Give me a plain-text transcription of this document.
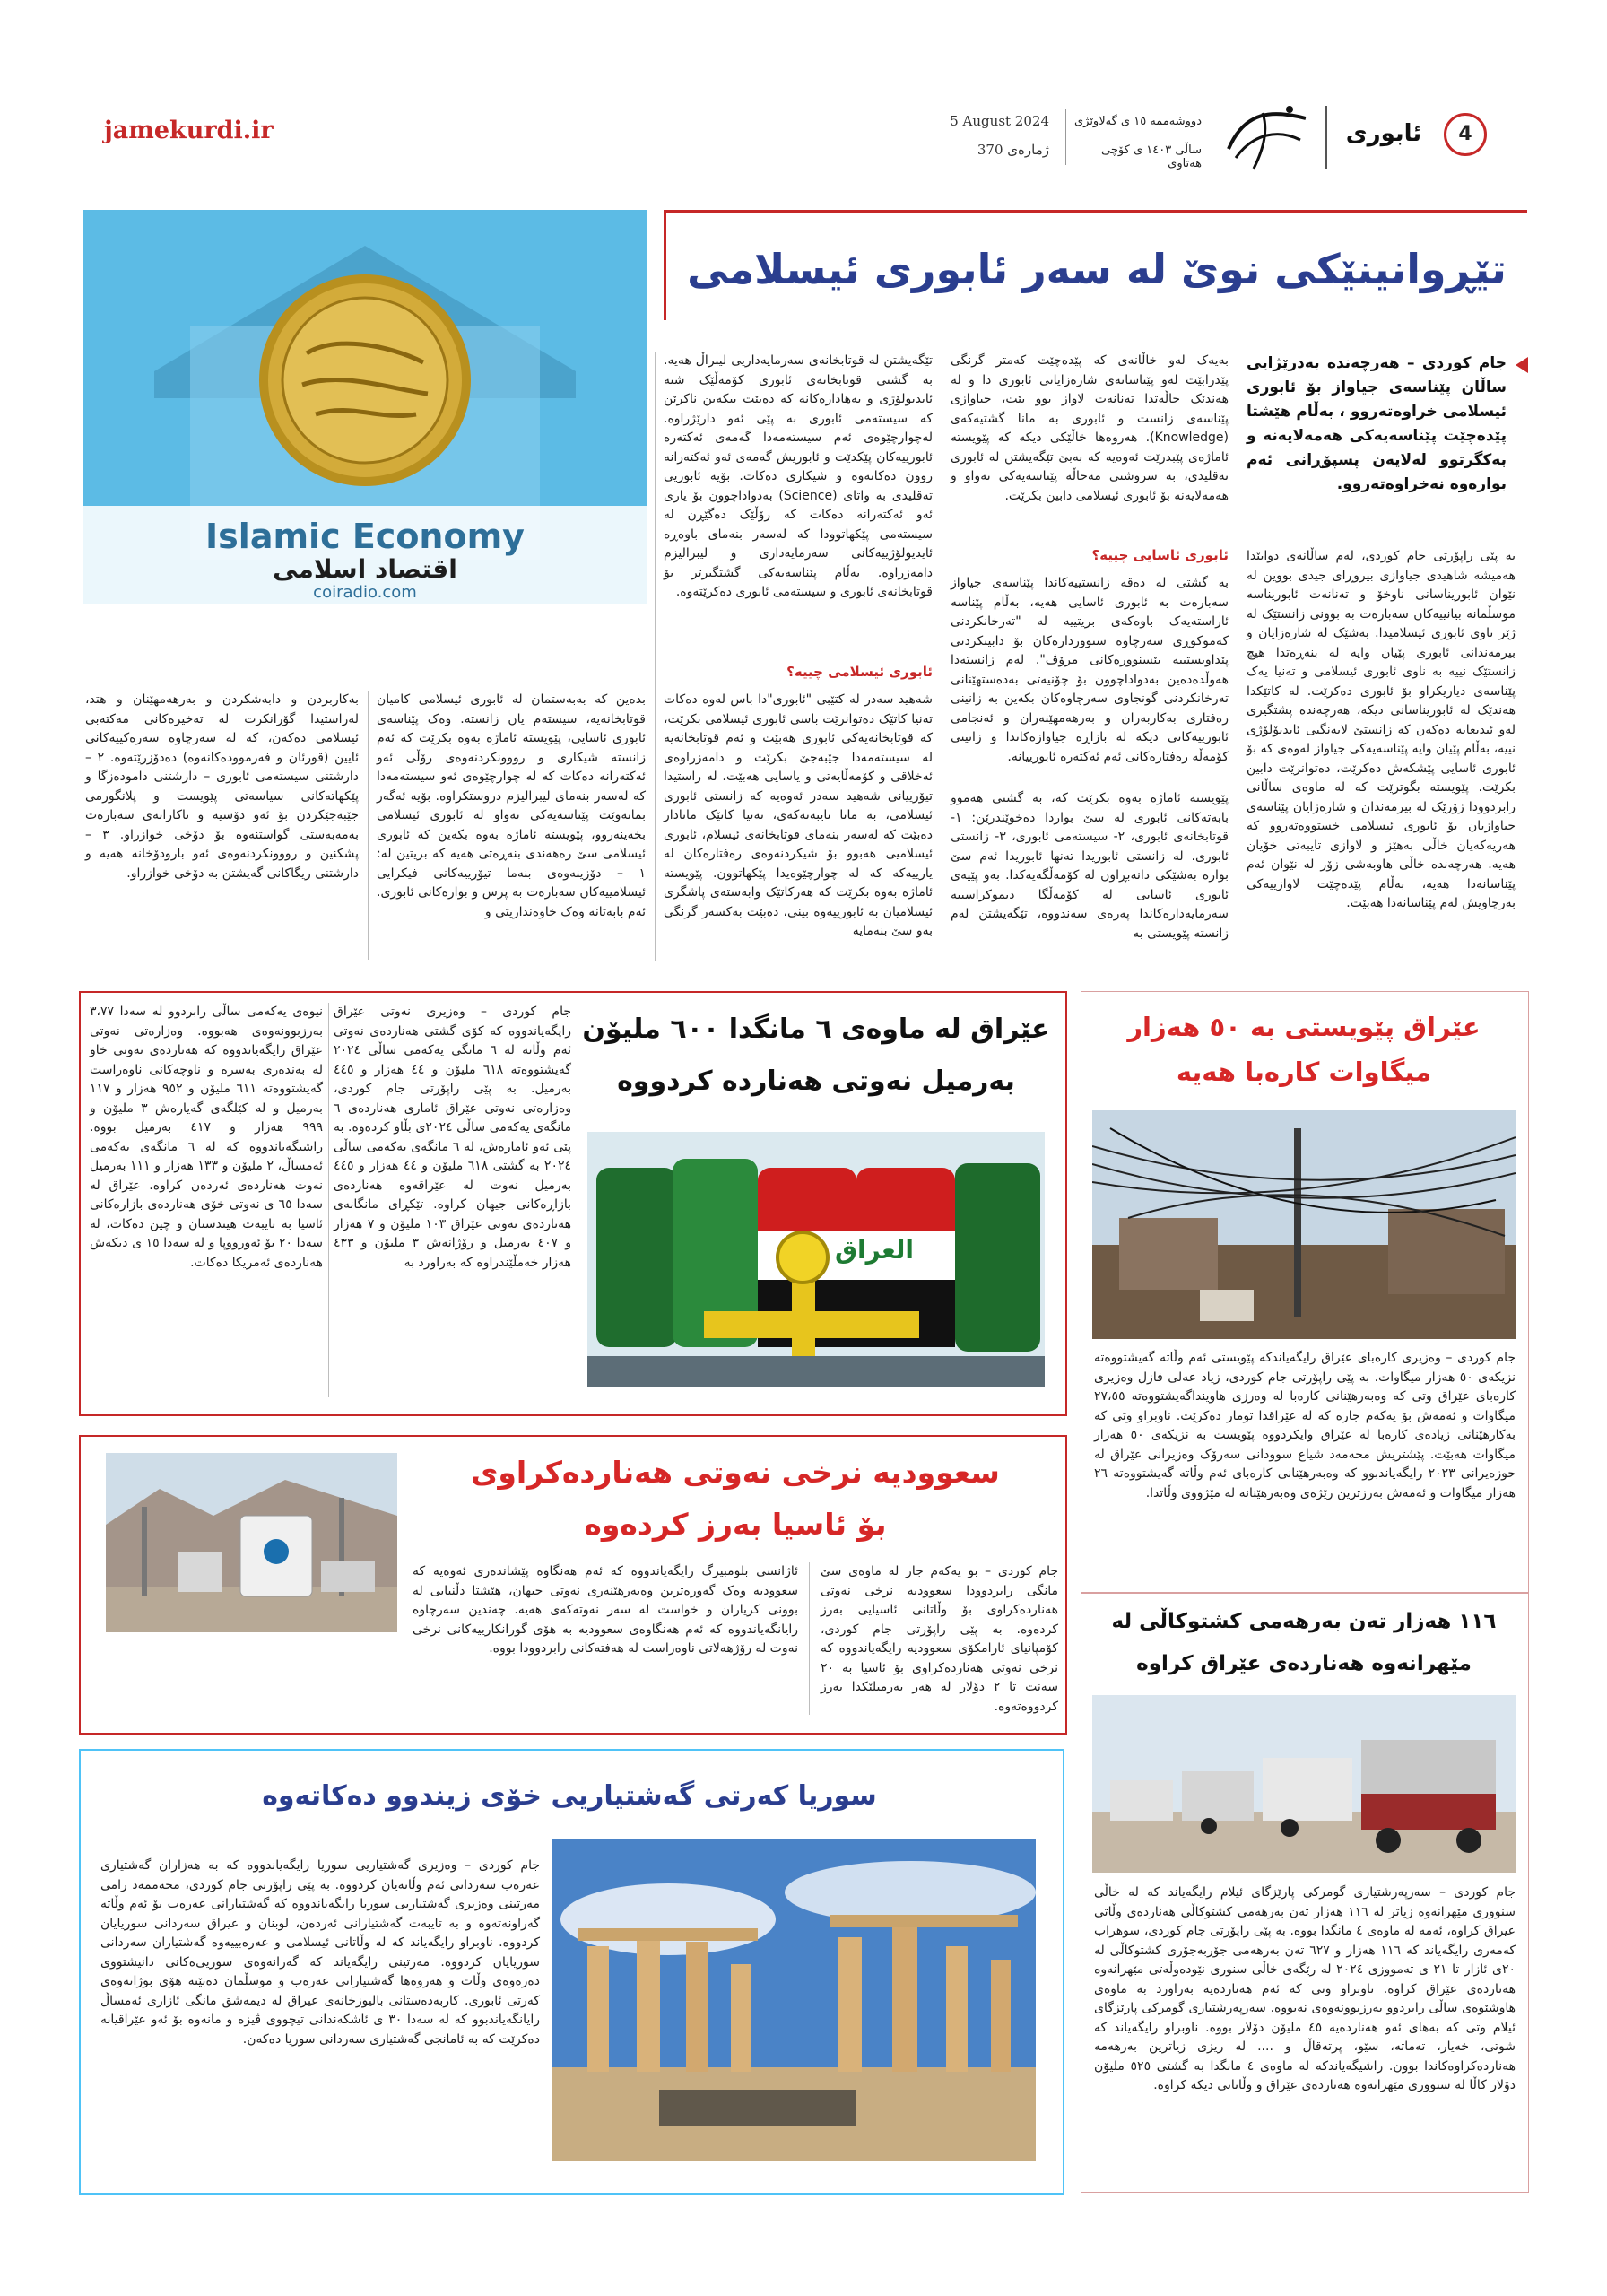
jamekurdi.ir	5 August 2024
ژمارەی 370
دووشەممە ١٥ ی گەلاوێژی
ساڵی ١٤٠٣ ی کۆچی هەتاوی
ئابوری	4
Islamic Economy
اقتصاد اسلامی
coiradio.com
تێڕوانینێکی نوێ لە سەر ئابوری ئیسلامی
جام کوردی – هەرچەندە بەدرێژایی ساڵان پێناسەی جیاواز بۆ ئابوری ئیسلامی خراوەتەروو ، بەڵام هێشتا پێدەچێت پێناسەیەکی هەمەلایەنە و بەکگرتوو لەلایەن پسپۆڕانی ئەم بوارەوە نەخراوەتەروو.
بە پێی راپۆرتی جام کوردی، لەم ساڵانەی دوایێدا هەمیشە شاهیدی جیاوازی بیروڕای جیدی بووین لە نێوان ئابوریناسانی ناوخۆ و تەنانەت ئابوریناسە موسڵمانە بیانییەکان سەبارەت بە بوونی زانستێک لە ژێر ناوی ئابوری ئیسلامیدا. بەشێک لە شارەزایان و بیرمەندانی ئابوری پێیان وایە لە بنەڕەتدا هیچ زانستێک نییە بە ناوی ئابوری ئیسلامی و تەنیا یەک پێناسەی دیاریکراو بۆ ئابوری دەکرێت. لە کاتێکدا هەندێک لە ئابوریناسانی دیکە، هەرچەندە پشتگیری لەو ئیدیعایە دەکەن کە زانستێ لایەنگیی ئایدیۆلۆژی نییە، بەڵام پێیان وایە پێناسەیەکی جیاواز لەوەی کە بۆ ئابوری ئاسایی پێشکەش دەکرێت، دەتوانرێت دابین بکرێت. پێویستە بگوترێت کە لە ماوەی ساڵانی رابردوودا زۆرێک لە بیرمەندان و شارەزایان پێناسەی جیاوازیان بۆ ئابوری ئیسلامی خستووەتەروو کە هەریەکەیان خاڵی بەهێز و لاوازی تایبەتی خۆیان هەیە. هەرچەندە خاڵی هاوبەشی زۆر لە نێوان ئەم پێناسانەدا هەیە، بەڵام پێدەچێت لاوازییەکی بەرچاویش لەم پێناسانەدا هەبێت.
بەیەک لەو خاڵانەی کە پێدەچێت کەمتر گرنگی پێدرابێت لەو پێناسانەی شارەزایانی ئابوری دا و لە هەندێک حاڵەتدا تەنانەت لاواز بوو بێت، جیاوازی پێناسەی زانست و ئابوری بە مانا گشتیەکەی (Knowledge). هەروەها خاڵێکی دیکە کە پێویستە ئاماژەی پێبدرێت ئەوەیە کە بەبێ تێگەیشتن لە ئابوری تەقلیدی، بە سروشتی مەحاڵە پێناسەیەکی تەواو و هەمەلایەنە بۆ ئابوری ئیسلامی دابین بکرێت.
ئابوری ئاسایی چییە؟
بە گشتی لە دەقە زانستییەکاندا پێناسەی جیاواز سەبارەت بە ئابوری ئاسایی هەیە، بەڵام پێناسە ئاراستەیەک باوەکەی بریتییە لە "تەرخانکردنی کەموکوڕی سەرچاوە سنووردارەکان بۆ دابینکردنی پێداویستییە بێسنوورەکانی مرۆڤ". لەم زانستەدا هەوڵدەدەین بەدواداچوون بۆ چۆنیەتی بەدەستهێنانی تەرخانکردنی گونجاوی سەرچاوەکان بکەین بە زانینی رەفتاری بەکاربەران و بەرهەمهێنەران و ئەنجامی ئابورییەکانی دیکە لە بازاڕە جیاوازەکاندا و زانینی کۆمەڵە رەفتارەکانی ئەم ئەکتەرە ئابورییانە.
پێویستە ئاماژە بەوە بکرێت کە، بە گشتی هەموو بابەتەکانی ئابوری لە سێ بواردا دەخوێندرێن: ١- قوتابخانەی ئابوری، ٢- سیستەمی ئابوری، ٣- زانستی ئابوری. لە زانستی ئابوریدا تەنها ئابوریدا ئەم سێ بوارە بەشێکی دانەبڕاون لە کۆمەڵگەیەکدا. بەو پێیەی ئابوری ئاسایی لە کۆمەڵگا دیموکراسییە سەرمایەدارەکاندا پەرەی سەندووە، تێگەیشتن لەم زانستە پێویستی بە
تێگەیشتن لە قوتابخانەی سەرمایەداریی لیبراڵ هەیە. بە گشتی قوتابخانەی ئابوری کۆمەڵێک شتە ئایدیولۆژی و بەهادارەکانە کە دەبێت بیکەین ناکرێن کە سیستەمی ئابوری بە پێی ئەو دارێژراوە. لەچوارچێوەی ئەم سیستەمەدا گەمەی ئەکتەرە ئابورییەکان پێکدێت و ئابوریش گەمەی ئەو ئەکتەرانە روون دەکاتەوە و شیکاری دەکات. بۆیە ئابوریی تەقلیدی بە واتای (Science) بەدواداچوون بۆ یاری ئەو ئەکتەرانە دەکات کە رۆڵێک دەگێڕن لە سیستەمی پێکهاتوودا کە لەسەر بنەمای باوەڕە ئایدیولۆژییەکانی سەرمایەداری و لیبرالیزم دامەزراوە. بەڵام پێناسەیەکی گشتگیرتر بۆ قوتابخانەی ئابوری و سیستەمی ئابوری دەکرێتەوە.
ئابوری ئیسلامی چییە؟
شەهید سەدر لە کتێبی "ئابوری"دا باس لەوە دەکات تەنیا کاتێک دەتوانرێت باسی ئابوری ئیسلامی بکرێت، کە قوتابخانەیەکی ئابوری هەبێت و ئەم قوتابخانەیە لە سیستەمەدا جێبەجێ بکرێت و دامەزراوەی ئەخلاقی و کۆمەڵایەتی و یاسایی هەبێت. لە راستیدا تیۆرییانی شەهید سەدر ئەوەیە کە زانستی ئابوری ئیسلامی، بە مانا تایبەتەکەی، تەنیا کاتێک مانادار دەبێت کە لەسەر بنەمای قوتابخانەی ئیسلام، ئابوری ئیسلامیی هەبوو بۆ شیکردنەوەی رەفتارەکان لە یارییەکە کە لە چوارچێوەیدا پێکهاتوون. پێویستە ئاماژە بەوە بکرێت کە هەرکاتێک وابەستەی پاشگری ئیسلامیان بە ئابورییەوە بینی، دەبێت بەکسەر گرنگی بەو سێ بنەمایە
بدەین کە بەبەستمان لە ئابوری ئیسلامی کامیان قوتابخانەیە، سیستەم یان زانستە. وەک پێناسەی ئابوری ئاسایی، پێویستە ئاماژە بەوە بکرێت کە ئەم زانستە شیکاری و رووونکردنەوەی رۆڵی ئەو ئەکتەرانە دەکات کە لە چوارچێوەی ئەو سیستەمەدا کە لەسەر بنەمای لیبرالیزم دروستکراوە. بۆیە ئەگەر بمانەوێت پێناسەیەکی تەواو لە ئابوری ئیسلامی بخەینەروو، پێویستە ئاماژە بەوە بکەین کە ئابوری ئیسلامی سێ رەهەندی بنەڕەتی هەیە کە بریتین لە: ١ – دۆزینەوەی بنەما تیۆرییەکانی فیکرایی ئیسلامییەکان سەبارەت بە پرس و بوارەکانی ئابوری. ئەم بابەتانە وەک خاوەنداریتی و
بەکاربردن و دابەشکردن و بەرهەمهێنان و هتد، لەراستیدا گۆرانکرت لە تەخیرەکانی مەکتەبی ئیسلامی دەکەن، کە لە سەرچاوە سەرەکییەکانی ئایین (قورئان و فەرموودەکانەوە) دەدۆزرێتەوە. ٢ – دارشتنی سیستەمی ئابوری – دارشتنی دامودەزگا و پێکهاتەکانی سیاسەتی پێویست و پلانگورمی جێبەجێکردن بۆ ئەو دۆسیە و ناکارانەی سەبارەت بەمەبەستی گواستنەوە بۆ دۆخی خوازراو. ٣ – پشکنین و رووونکردنەوەی ئەو بارودۆخانە هەیە و دارشتنی ریگاکانی گەیشتن بە دۆخی خوازراو.
عێراق لە ماوەی ٦ مانگدا ٦٠٠ ملیۆن
بەرمیل نەوتی هەناردە کردووە
العراق
جام کوردی – وەزیری نەوتی عێراق راپگەیاندووە کە کۆی گشتی هەناردەی نەوتی ئەم وڵاتە لە ٦ مانگی یەکەمی ساڵی ٢٠٢٤ گەیشتووەتە ٦١٨ ملیۆن و ٤٤ هەزار و ٤٤٥ بەرمیل. بە پێی راپۆرتی جام کوردی، وەزارەتی نەوتی عێراق ئاماری هەناردەی ٦ مانگەی یەکەمی ساڵی ٢٠٢٤ی بڵاو کردەوە. بە پێی ئەو ئامارەش، لە ٦ مانگەی یەکەمی ساڵی ٢٠٢٤ بە گشتی ٦١٨ ملیۆن و ٤٤ هەزار و ٤٤٥ بەرمیل نەوت لە عێراقەوە هەناردەی بازاڕەکانی جیهان کراوە. تێکڕای مانگانەی هەناردەی نەوتی عێراق ١٠٣ ملیۆن و ٧ هەزار و ٤٠٧ بەرمیل و رۆژانەش ٣ ملیۆن و ٤٣٣ هەزار خەمڵێندراوە کە بەراورد بە
نیوەی یەکەمی ساڵی رابردوو لە سەدا ٣،٧٧ بەرزبوونەوەی هەبووە. وەزارەتی نەوتی عێراق رایگەیاندووە کە هەناردەی نەوتی خاو لە بەندەری بەسرە و ناوچەکانی ناوەراست گەیشتووەتە ٦١١ ملیۆن و ٩٥٢ هەزار و ١١٧ بەرمیل و لە کێلگەی گەیارەش ٣ ملیۆن و ٩٩٩ هەزار و ٤١٧ بەرمیل بووە. راشیگەیاندووە کە لە ٦ مانگەی یەکەمی ئەمساڵ، ٢ ملیۆن و ١٣٣ هەزار و ١١١ بەرمیل نەوت هەناردەی ئەردەن کراوە. عێراق لە سەدا ٦٥ ی نەوتی خۆی هەناردەی بازارەکانی ئاسیا بە تایبەت هیندستان و چین دەکات، لە سەدا ٢٠ بۆ ئەورووپا و لە سەدا ١٥ ی دیکەش هەناردەی ئەمریکا دەکات.
عێراق پێویستی بە ٥٠ هەزار
میگاوات کارەبا هەیە
جام کوردی – وەزیری کارەبای عێراق رایگەیاندکە پێویستی ئەم وڵاتە گەیشتووەتە نزیکەی ٥٠ هەزار میگاوات. بە پێی راپۆرتی جام کوردی، زیاد عەلی فازل وەزیری کارەبای عێراق وتی کە وەبەرهێنانی کارەبا لە وەرزی هاوینداگەیشتووەتە ٢٧،٥٥ میگاوات و ئەمەش بۆ یەکەم جارە کە لە عێراقدا تومار دەکرێت. ناوبراو وتی کە بەکارهێنانی زیادەی کارەبا لە عێراق وایکردووە پێویست بە نزیکەی ٥٠ هەزار میگاوات هەبێت. پێشتریش محەمەد شیاع سوودانی سەرۆک وەزیرانی عێراق لە حوزەیرانی ٢٠٢٣ رایگەیاندبوو کە وەبەرهێنانی کارەبای ئەم وڵاتە گەیشتووەتە ٢٦ هەزار میگاوات و ئەمەش بەرزترین رێژەی وەبەرهێنانە لە مێژووی وڵاتدا.
سعوودیە نرخی نەوتی هەناردەکراوی
بۆ ئاسیا بەرز کردەوە
جام کوردی – بو یەکەم جار لە ماوەی سێ مانگی رابردوودا سعوودیە نرخی نەوتی هەناردەکراوی بۆ وڵاتانی ئاسیایی بەرز کردەوە. بە پێی راپۆرتی جام کوردی، کۆمپانیای ئارامکۆی سعوودیە رایگەیاندووە کە نرخی نەوتی هەناردەکراوی بۆ ئاسیا بە ٢٠ سەنت تا ٢ دۆلار لە هەر بەرمیلێکدا بەرز کردووەتەوە.
ئاژانسی بلومبیرگ رایگەیاندووە کە ئەم هەنگاوە پێشاندەری ئەوەیە کە سعوودیە وەک گەورەترین وەبەرهێنەری نەوتی جیهان، هێشتا دڵنیایی لە بوونی کریاران و خواست لە سەر نەوتەکەی هەیە. چەندین سەرچاوە رایانگەیاندووە کە ئەم هەنگاوەی سعوودیە بە هۆی گورانکارییەکانی نرخی نەوت لە رۆژهەلاتی ناوەراست لە هەفتەکانی رابردوودا بووە.
١١٦ هەزار تەن بەرهەمی کشتوکاڵی لە
مێهرانەوە هەناردەی عێراق کراوە
جام کوردی – سەرپەرشتیاری گومرکی پارێزگای ئیلام رایگەیاند کە لە خاڵی سنووری مێهرانەوە زیاتر لە ١١٦ هەزار تەن بەرهەمی کشتوکاڵی هەناردەی وڵاتی عیراق کراوە، ئەمە لە ماوەی ٤ مانگدا بووە. بە پێی راپۆرتی جام کوردی، سوهراب کەمەری رایگەیاند کە ١١٦ هەزار و ٦٢٧ تەن بەرهەمی جۆربەجۆری کشتوکاڵی لە ٢٠ی ئازار تا ٢١ ی تەمووزی ٢٠٢٤ لە رێگەی خاڵی سنوری نێودەوڵەتی مێهرانەوە هەناردەی عێراق کراوە. ناوبراو وتی کە ئەم هەناردەیە بەراورد بە ماوەی هاوشێوەی ساڵی رابردوو بەرزبوونەوەی نەبووە. سەرپەرشتیاری گومرکی پارێزگای ئیلام وتی کە بەهای ئەو هەناردەیە ٤٥ ملیۆن دۆلار بووە. ناوبراو رایگەیاند کە شوتی، خەیار، تەماتە، سێو، پرتەقاڵ و .... لە ریزی زیاترین بەرهەمە هەناردەکراوەکاندا بوون. راشیگەیاندکە لە ماوەی ٤ مانگدا بە گشتی ٥٢٥ ملیۆن دۆلار کاڵا لە سنووری مێهرانەوە هەناردەی عێراق و وڵاتانی دیکە کراوە.
سوریا کەرتی گەشتیاریی خۆی زیندوو دەکاتەوە
جام کوردی – وەزیری گەشتیاریی سوریا رایگەیاندووە کە بە هەزاران گەشتیاری عەرەب سەردانی ئەم وڵاتەیان کردووە. بە پێی راپۆرتی جام کوردی، محەممەد رامی مەرتینی وەزیری گەشتیاریی سوریا رایگەیاندووە کە گەشتیارانی عەرەب بۆ ئەم وڵاتە گەراونەتەوە و بە تایبەت گەشتیارانی ئەردەن، لوبنان و عیراق سەردانی سوریایان کردووە. ناوبراو رایگەیاند کە لە وڵاتانی ئیسلامی و عەرەبییەوە گەشتیاران سەردانی سوریایان کردووە. مەرتینی رایگەیاند کە گەرانەوەی سوریی‌ەکانی دانیشتووی دەرەوەی وڵات و هەروەها گەشتیارانی عەرەب و موسڵمان دەبێتە هۆی بوژانەوەی کەرتی ئابوری. کاربەدەستانی بالیوزخانەی عیراق لە دیمەشق مانگی ئازاری ئەمساڵ رایانگەیاندبوو کە لە سەدا ٣٠ ی ئاشکەندانی تیچووی ڤیزە و مانەوە بۆ ئەو عێراقیانە دەکرێت کە بە ئامانجی گەشتیاری سەردانی سوریا دەکەن.
